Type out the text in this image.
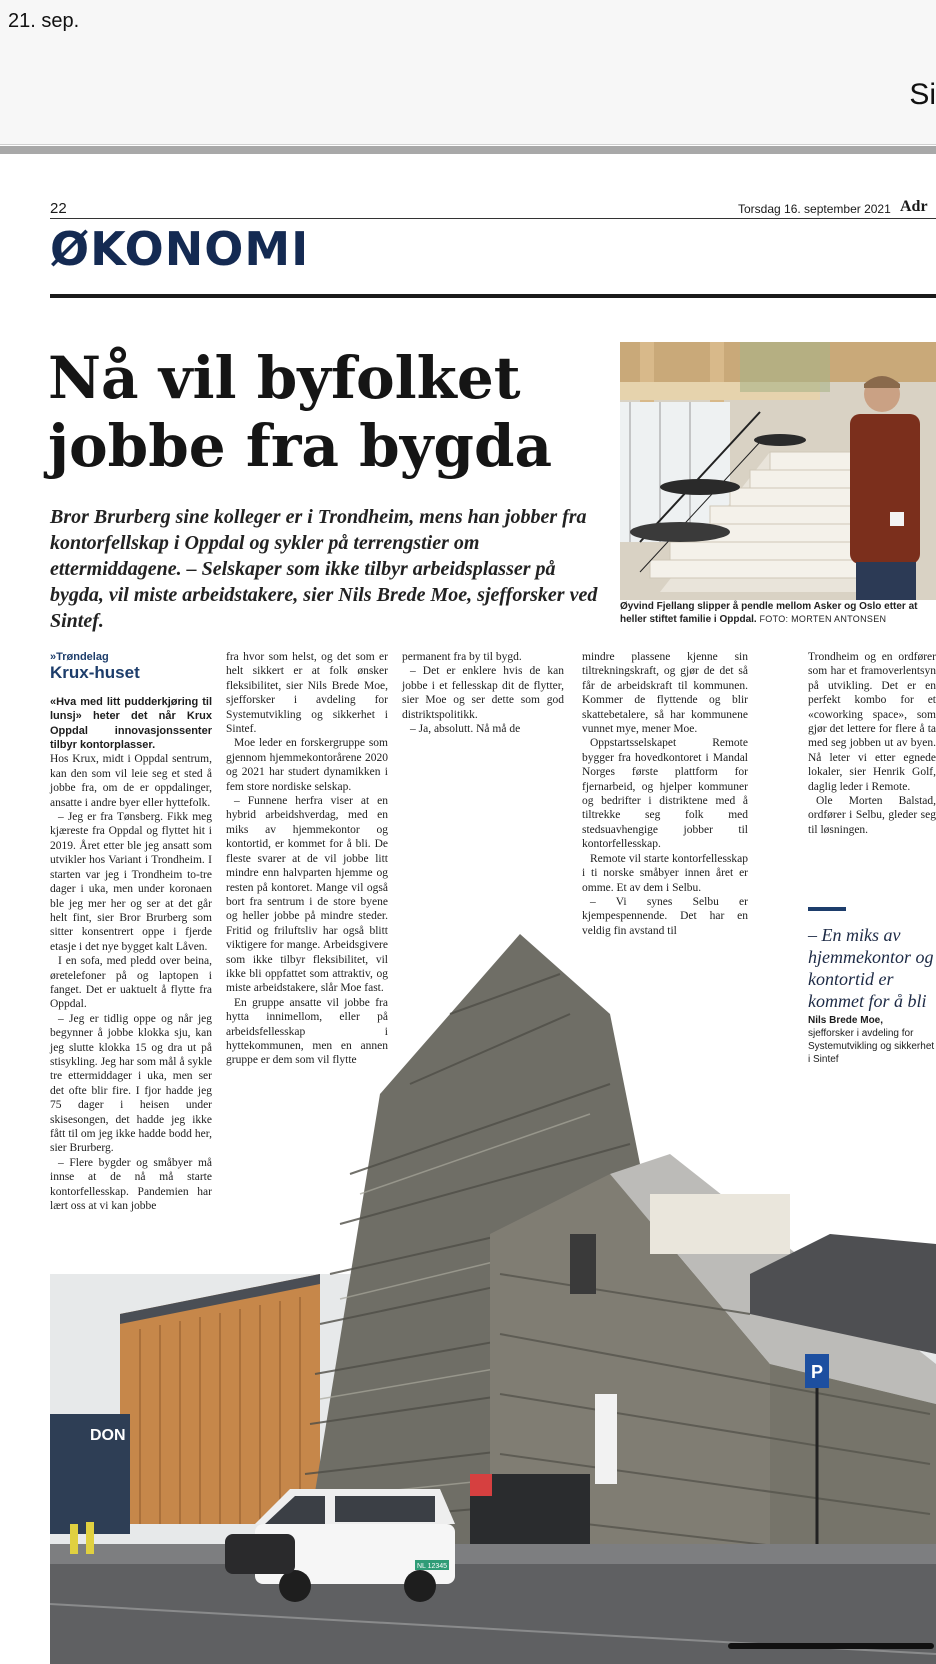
21. sep.
Si
22	Torsdag 16. september 2021 Adr
ØKONOMI
Nå vil byfolket jobbe fra bygda
Bror Brurberg sine kolleger er i Trondheim, mens han jobber fra kontorfellskap i Oppdal og sykler på terrengstier om ettermiddagene. – Selskaper som ikke tilbyr arbeidsplasser på bygda, vil miste arbeidstakere, sier Nils Brede Moe, sjefforsker ved Sintef.
Øyvind Fjellang slipper å pendle mellom Asker og Oslo etter at
heller stiftet familie i Oppdal. FOTO: MORTEN ANTONSEN
DON
P
NL 12345
»Trøndelag
Krux-huset

«Hva med litt pudderkjøring til lunsj» heter det når Krux Oppdal innovasjonssenter tilbyr kontorplasser.

Hos Krux, midt i Oppdal sentrum, kan den som vil leie seg et sted å jobbe fra, om de er oppdalinger, ansatte i andre byer eller hyttefolk.

– Jeg er fra Tønsberg. Fikk meg kjæreste fra Oppdal og flyttet hit i 2019. Året etter ble jeg ansatt som utvikler hos Variant i Trondheim. I starten var jeg i Trondheim to-tre dager i uka, men under koronaen ble jeg mer her og ser at det går helt fint, sier Bror Brurberg som sitter konsentrert oppe i fjerde etasje i det nye bygget kalt Låven.

I en sofa, med pledd over beina, øretelefoner på og laptopen i fanget. Det er uaktuelt å flytte fra Oppdal.

– Jeg er tidlig oppe og når jeg begynner å jobbe klokka sju, kan jeg slutte klokka 15 og dra ut på stisykling. Jeg har som mål å sykle tre ettermiddager i uka, men ser det ofte blir fire. I fjor hadde jeg 75 dager i heisen under skisesongen, det hadde jeg ikke fått til om jeg ikke hadde bodd her, sier Brurberg.

– Flere bygder og småbyer må innse at de nå må starte kontorfellesskap. Pandemien har lært oss at vi kan jobbe

fra hvor som helst, og det som er helt sikkert er at folk ønsker fleksibilitet, sier Nils Brede Moe, sjefforsker i avdeling for Systemutvikling og sikkerhet i Sintef.

Moe leder en forskergruppe som gjennom hjemmekontorårene 2020 og 2021 har studert dynamikken i fem store nordiske selskap.

– Funnene herfra viser at en hybrid arbeidshverdag, med en miks av hjemmekontor og kontortid, er kommet for å bli. De fleste svarer at de vil jobbe litt mindre enn halvparten hjemme og resten på kontoret. Mange vil også bort fra sentrum i de store byene og heller jobbe på mindre steder. Fritid og friluftsliv har også blitt viktigere for mange. Arbeidsgivere som ikke tilbyr fleksibilitet, vil ikke bli oppfattet som attraktiv, og miste arbeidstakere, slår Moe fast.

En gruppe ansatte vil jobbe fra hytta innimellom, eller på arbeidsfellesskap i hyttekommunen, men en annen gruppe er dem som vil flytte

permanent fra by til bygd.

– Det er enklere hvis de kan jobbe i et fellesskap dit de flytter, sier Moe og ser dette som god distriktspolitikk.

– Ja, absolutt. Nå må de

mindre plassene kjenne sin tiltrekningskraft, og gjør de det så får de arbeidskraft til kommunen. Kommer de flyttende og blir skattebetalere, så har kommunene vunnet mye, mener Moe.

Oppstartsselskapet Remote bygger fra hovedkontoret i Mandal Norges første plattform for fjernarbeid, og hjelper kommuner og bedrifter i distriktene med å tiltrekke seg folk med stedsuavhengige jobber til kontorfellesskap.

Remote vil starte kontorfellesskap i ti norske småbyer innen året er omme. Et av dem i Selbu.

– Vi synes Selbu er kjempespennende. Det har en veldig fin avstand til

Trondheim og en ordfører som har et framoverlentsyn på utvikling. Det er en perfekt kombo for et «coworking space», som gjør det lettere for flere å ta med seg jobben ut av byen. Nå leter vi etter egnede lokaler, sier Henrik Golf, daglig leder i Remote.

Ole Morten Balstad, ordfører i Selbu, gleder seg til løsningen.

– En miks av hjemmekontor og kontortid er kommet for å bli
Nils Brede Moe,
sjefforsker i avdeling for Systemutvikling og sikkerhet i Sintef
